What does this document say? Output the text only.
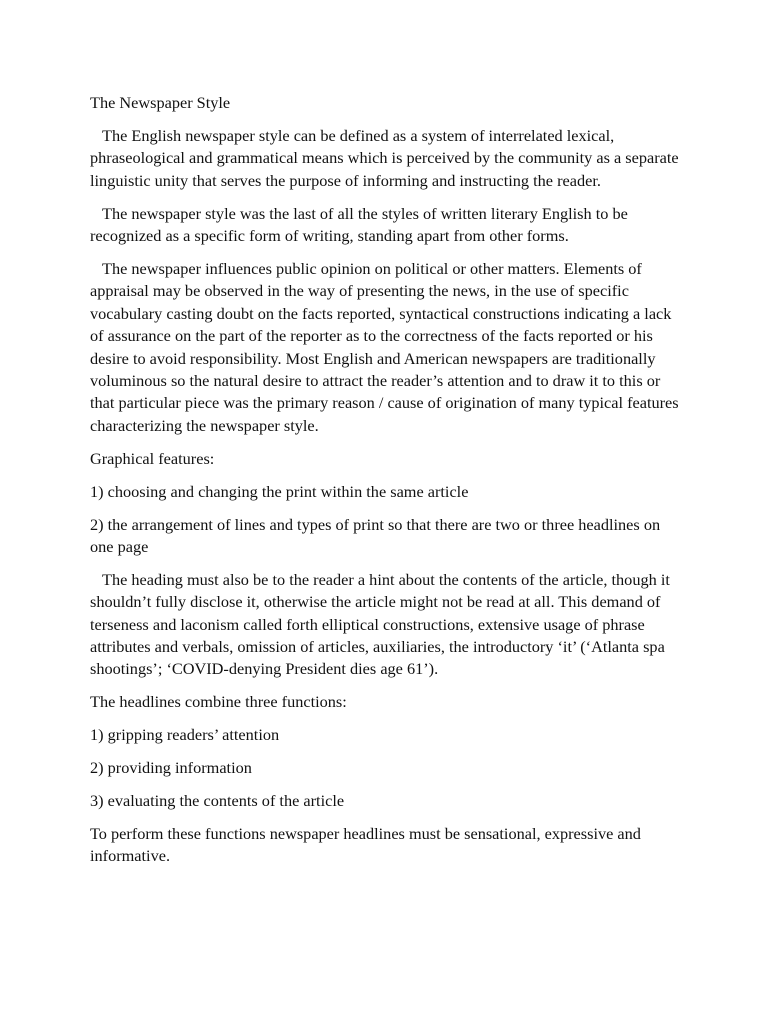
The Newspaper Style

The English newspaper style can be defined as a system of interrelated lexical, phraseological and grammatical means which is perceived by the community as a separate linguistic unity that serves the purpose of informing and instructing the reader.

The newspaper style was the last of all the styles of written literary English to be recognized as a specific form of writing, standing apart from other forms.

The newspaper influences public opinion on political or other matters. Elements of appraisal may be observed in the way of presenting the news, in the use of specific vocabulary casting doubt on the facts reported, syntactical constructions indicating a lack of assurance on the part of the reporter as to the correctness of the facts reported or his desire to avoid responsibility. Most English and American newspapers are traditionally voluminous so the natural desire to attract the reader’s attention and to draw it to this or that particular piece was the primary reason / cause of origination of many typical features characterizing the newspaper style.

Graphical features:

1) choosing and changing the print within the same article

2) the arrangement of lines and types of print so that there are two or three headlines on one page

The heading must also be to the reader a hint about the contents of the article, though it shouldn’t fully disclose it, otherwise the article might not be read at all. This demand of terseness and laconism called forth elliptical constructions, extensive usage of phrase attributes and verbals, omission of articles, auxiliaries, the introductory ‘it’ (‘Atlanta spa shootings’; ‘COVID-denying President dies age 61’).

The headlines combine three functions:

1) gripping readers’ attention

2) providing information

3) evaluating the contents of the article

To perform these functions newspaper headlines must be sensational, expressive and informative.
